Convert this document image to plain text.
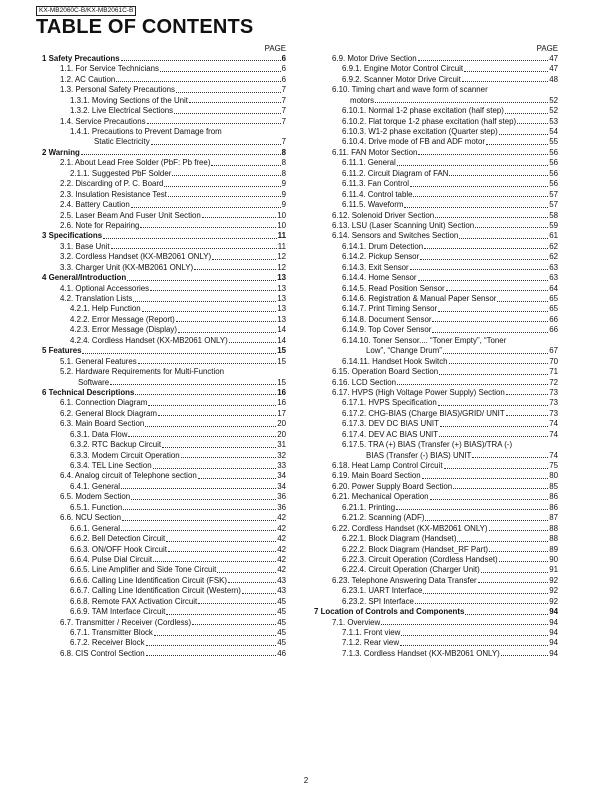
KX-MB2060C-B/KX-MB2061C-B
TABLE OF CONTENTS
PAGE
1 Safety Precautions	6
1.1. For Service Technicians	6
1.2. AC Caution	6
1.3. Personal Safety Precautions	7
1.3.1. Moving Sections of the Unit	7
1.3.2. Live Electrical Sections	7
1.4. Service Precautions	7
1.4.1. Precautions to Prevent Damage from
Static Electricity	7
2 Warning	8
2.1. About Lead Free Solder (PbF: Pb free)	8
2.1.1. Suggested PbF Solder	8
2.2. Discarding of P. C. Board	9
2.3. Insulation Resistance Test	9
2.4. Battery Caution	9
2.5. Laser Beam And Fuser Unit Section	10
2.6. Note for Repairing	10
3 Specifications	11
3.1. Base Unit	11
3.2. Cordless Handset (KX-MB2061 ONLY)	12
3.3. Charger Unit (KX-MB2061 ONLY)	12
4 General/Introduction	13
4.1. Optional Accessories	13
4.2. Translation Lists	13
4.2.1. Help Function	13
4.2.2. Error Message (Report)	13
4.2.3. Error Message (Display)	14
4.2.4. Cordless Handset (KX-MB2061 ONLY)	14
5 Features	15
5.1. General Features	15
5.2. Hardware Requirements for Multi-Function
Software	15
6 Technical Descriptions	16
6.1. Connection Diagram	16
6.2. General Block Diagram	17
6.3. Main Board Section	20
6.3.1. Data Flow	20
6.3.2. RTC Backup Circuit	31
6.3.3. Modem Circuit Operation	32
6.3.4. TEL Line Section	33
6.4. Analog circuit of Telephone section	34
6.4.1. General	34
6.5. Modem Section	36
6.5.1. Function	36
6.6. NCU Section	42
6.6.1. General	42
6.6.2. Bell Detection Circuit	42
6.6.3. ON/OFF Hook Circuit	42
6.6.4. Pulse Dial Circuit	42
6.6.5. Line Amplifier and Side Tone Circuit	42
6.6.6. Calling Line Identification Circuit (FSK)	43
6.6.7. Calling Line Identification Circuit (Western)	43
6.6.8. Remote FAX Activation Circuit	45
6.6.9. TAM Interface Circuit	45
6.7. Transmitter / Receiver (Cordless)	45
6.7.1. Transmitter Block	45
6.7.2. Receiver Block	45
6.8. CIS Control Section	46
PAGE
6.9. Motor Drive Section	47
6.9.1. Engine Motor Control Circuit	47
6.9.2. Scanner Motor Drive Circuit	48
6.10. Timing chart and wave form of scanner
motors	52
6.10.1. Normal 1-2 phase excitation (half step)	52
6.10.2. Flat torque 1-2 phase excitation (half step)	53
6.10.3. W1-2 phase excitation (Quarter step)	54
6.10.4. Drive mode of FB and ADF motor	55
6.11. FAN Motor Section	56
6.11.1. General	56
6.11.2. Circuit Diagram of FAN	56
6.11.3. Fan Control	56
6.11.4. Control table	57
6.11.5. Waveform	57
6.12. Solenoid Driver Section	58
6.13. LSU (Laser Scanning Unit) Section	59
6.14. Sensors and Switches Section	61
6.14.1. Drum Detection	62
6.14.2. Pickup Sensor	62
6.14.3. Exit Sensor	63
6.14.4. Home Sensor	63
6.14.5. Read Position Sensor	64
6.14.6. Registration & Manual Paper Sensor	65
6.14.7. Print Timing Sensor	65
6.14.8. Document Sensor	66
6.14.9. Top Cover Sensor	66
6.14.10. Toner Sensor.... “Toner Empty”, “Toner
Low”, “Change Drum”	67
6.14.11. Handset Hook Switch	70
6.15. Operation Board Section	71
6.16. LCD Section	72
6.17. HVPS (High Voltage Power Supply) Section	73
6.17.1. HVPS Specification	73
6.17.2. CHG-BIAS (Charge BIAS)/GRID/ UNIT	73
6.17.3. DEV DC BIAS UNIT	74
6.17.4. DEV AC BIAS UNIT	74
6.17.5. TRA (+) BIAS (Transfer (+) BIAS)/TRA (-)
BIAS (Transfer (-) BIAS) UNIT	74
6.18. Heat Lamp Control Circuit	75
6.19. Main Board Section	80
6.20. Power Supply Board Section	85
6.21. Mechanical Operation	86
6.21.1. Printing	86
6.21.2. Scanning (ADF)	87
6.22. Cordless Handset (KX-MB2061 ONLY)	88
6.22.1. Block Diagram (Handset)	88
6.22.2. Block Diagram (Handset_RF Part)	89
6.22.3. Circuit Operation (Cordless Handset)	90
6.22.4. Circuit Operation (Charger Unit)	91
6.23. Telephone Answering Data Transfer	92
6.23.1. UART Interface	92
6.23.2. SPI Interface	92
7 Location of Controls and Components	94
7.1. Overview	94
7.1.1. Front view	94
7.1.2. Rear view	94
7.1.3. Cordless Handset (KX-MB2061 ONLY)	94
2
